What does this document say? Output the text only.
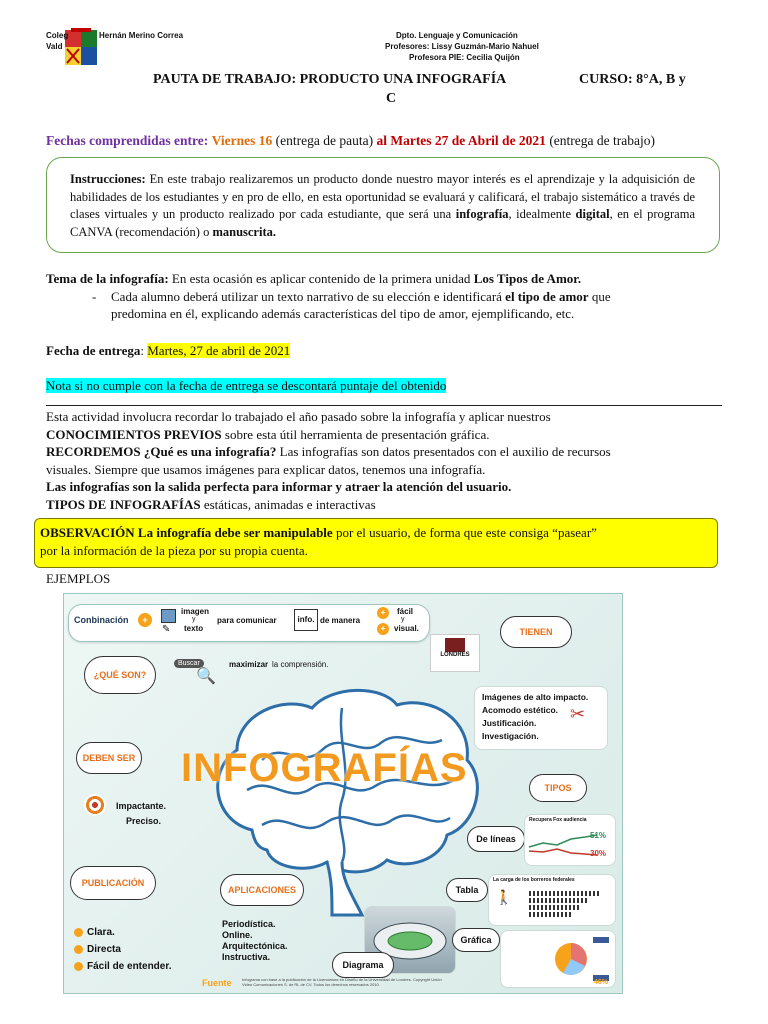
Coleg	Hernán Merino Correa
Vald
Dpto. Lenguaje y Comunicación
Profesores: Lissy Guzmán-Mario Nahuel
Profesora PIE: Cecilia Quijón
PAUTA DE TRABAJO: PRODUCTO UNA INFOGRAFÍA	CURSO: 8°A, B y
C
Fechas comprendidas entre: Viernes 16 (entrega de pauta) al Martes 27 de Abril de 2021 (entrega de trabajo)
Instrucciones: En este trabajo realizaremos un producto donde nuestro mayor interés es el aprendizaje y la adquisición de habilidades de los estudiantes y en pro de ello, en esta oportunidad se evaluará y calificará, el trabajo sistemático a través de clases virtuales y un producto realizado por cada estudiante, que será una infografía, idealmente digital, en el programa CANVA (recomendación) o manuscrita.
Tema de la infografía: En esta ocasión es aplicar contenido de la primera unidad Los Tipos de Amor.
- Cada alumno deberá utilizar un texto narrativo de su elección e identificará el tipo de amor que
predomina en él, explicando además características del tipo de amor, ejemplificando, etc.
Fecha de entrega: Martes, 27 de abril de 2021
Nota si no cumple con la fecha de entrega se descontará puntaje del obtenido
Esta actividad involucra recordar lo trabajado el año pasado sobre la infografía y aplicar nuestros
CONOCIMIENTOS PREVIOS sobre esta útil herramienta de presentación gráfica.
RECORDEMOS ¿Qué es una infografía? Las infografías son datos presentados con el auxilio de recursos
visuales. Siempre que usamos imágenes para explicar datos, tenemos una infografía.
Las infografías son la salida perfecta para informar y atraer la atención del usuario.
TIPOS DE INFOGRAFÍAS estáticas, animadas e interactivas
OBSERVACIÓN La infografía debe ser manipulable por el usuario, de forma que este consiga “pasear”
por la información de la pieza por su propia cuenta.
EJEMPLOS
Conbinación	+
✎
imagen
y
texto
para comunicar	info. de manera
+
+
fácil
y
visual.	TIENEN
¿QUÉ SON?
Buscar
🔍
maximizar la comprensión.
LONDRES
Imágenes de alto impacto.
Acomodo estético.
Justificación.
Investigación.
✂
INFOGRAFÍAS
DEBEN SER
Impactante.
Preciso.
TIPOS
De líneas
Recupera Fox audiencia
51%
30%
PUBLICACIÓN
Clara.
Directa
Fácil de entender.
APLICACIONES
Periodística.
Online.
Arquitectónica.
Instructiva.
Diagrama
Tabla
La carga de los borreros federales
🚶
Gráfica
46%
Fuente	Infograma con base a la publicación de la Licenciatura en Diseño de la Universidad de Londres. Copyright Unión Video Comunicaciones S. de RL de CV. Todos los derechos reservados 2010.
